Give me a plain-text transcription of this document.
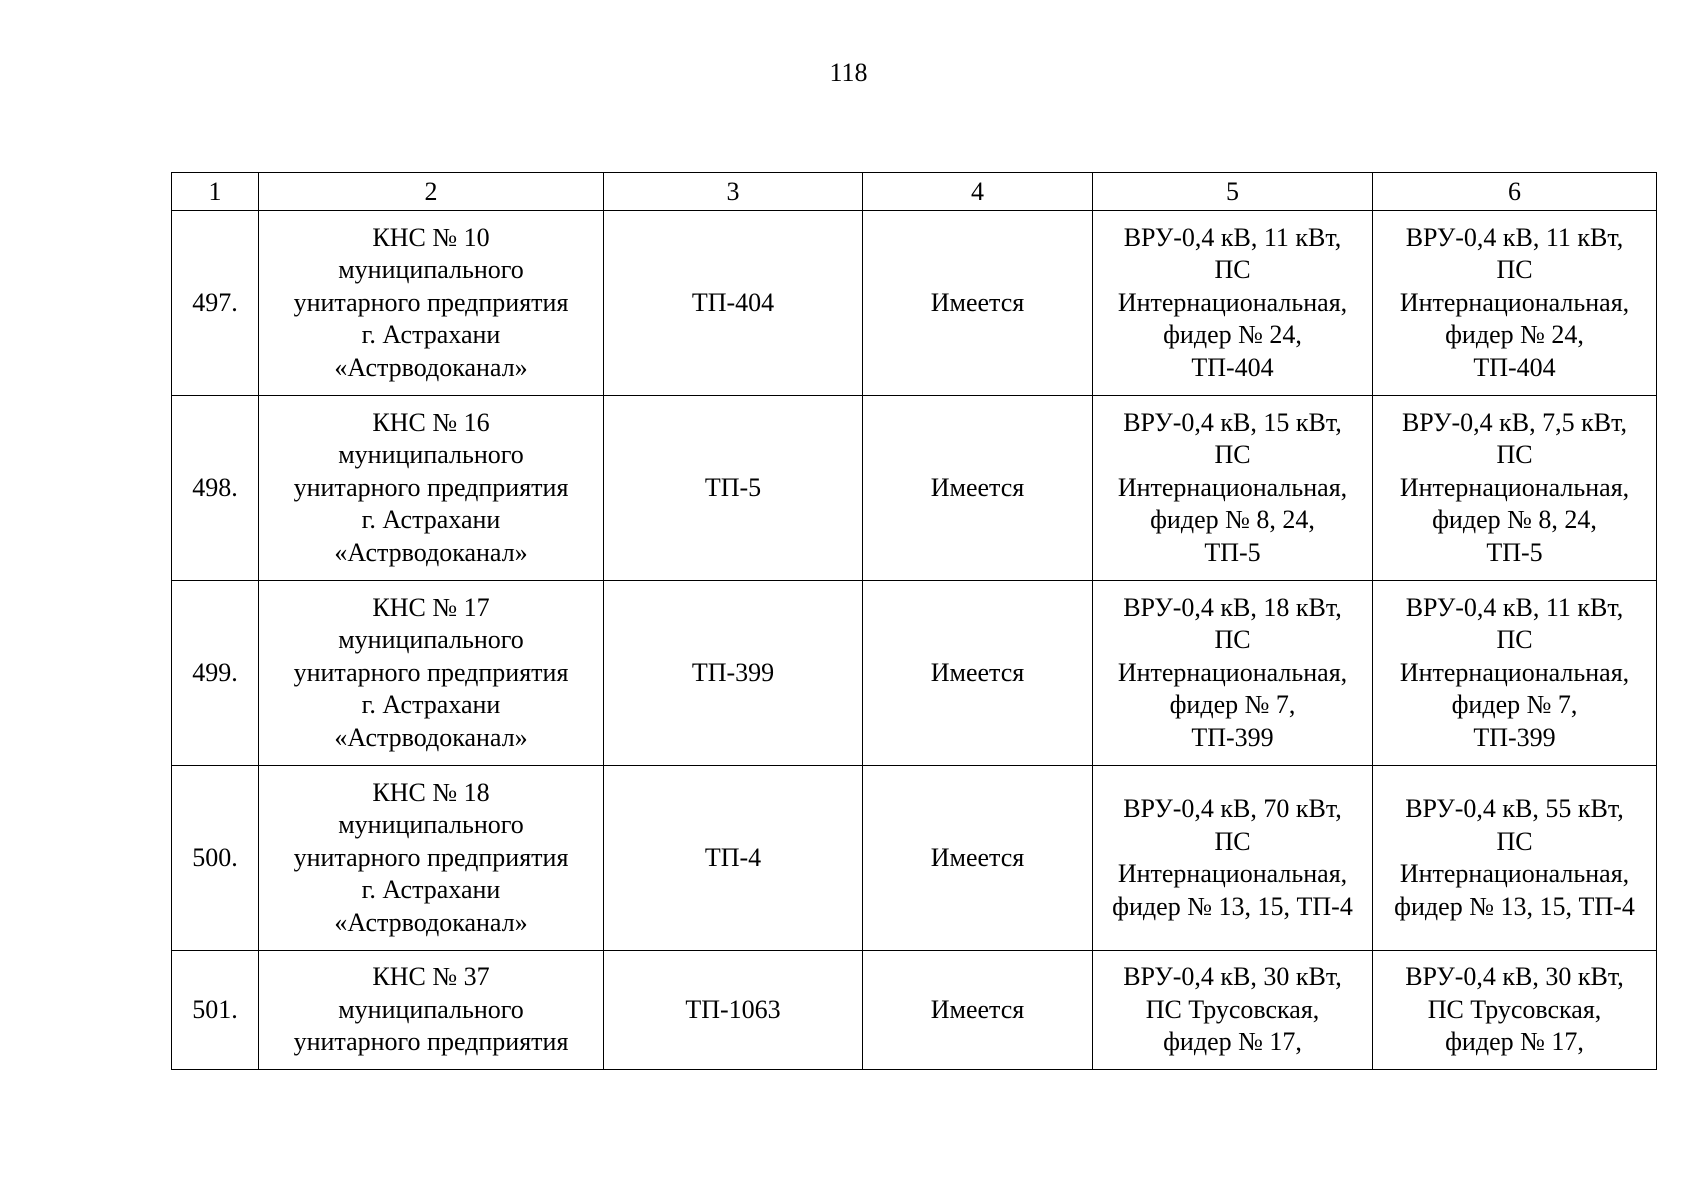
118
1	2	3	4	5	6
497.	КНС № 10
муниципального
унитарного предприятия
г. Астрахани
«Астрводоканал»	ТП-404	Имеется	ВРУ-0,4 кВ, 11 кВт,
ПС
Интернациональная,
фидер № 24,
ТП-404	ВРУ-0,4 кВ, 11 кВт,
ПС
Интернациональная,
фидер № 24,
ТП-404

498.	КНС № 16
муниципального
унитарного предприятия
г. Астрахани
«Астрводоканал»	ТП-5	Имеется	ВРУ-0,4 кВ, 15 кВт,
ПС
Интернациональная,
фидер № 8, 24,
ТП-5	ВРУ-0,4 кВ, 7,5 кВт,
ПС
Интернациональная,
фидер № 8, 24,
ТП-5

499.	КНС № 17
муниципального
унитарного предприятия
г. Астрахани
«Астрводоканал»	ТП-399	Имеется	ВРУ-0,4 кВ, 18 кВт,
ПС
Интернациональная,
фидер № 7,
ТП-399	ВРУ-0,4 кВ, 11 кВт,
ПС
Интернациональная,
фидер № 7,
ТП-399

500.	КНС № 18
муниципального
унитарного предприятия
г. Астрахани
«Астрводоканал»	ТП-4	Имеется	ВРУ-0,4 кВ, 70 кВт,
ПС
Интернациональная,
фидер № 13, 15, ТП-4	ВРУ-0,4 кВ, 55 кВт,
ПС
Интернациональная,
фидер № 13, 15, ТП-4

501.	КНС № 37
муниципального
унитарного предприятия	ТП-1063	Имеется	ВРУ-0,4 кВ, 30 кВт,
ПС Трусовская,
фидер № 17,	ВРУ-0,4 кВ, 30 кВт,
ПС Трусовская,
фидер № 17,
